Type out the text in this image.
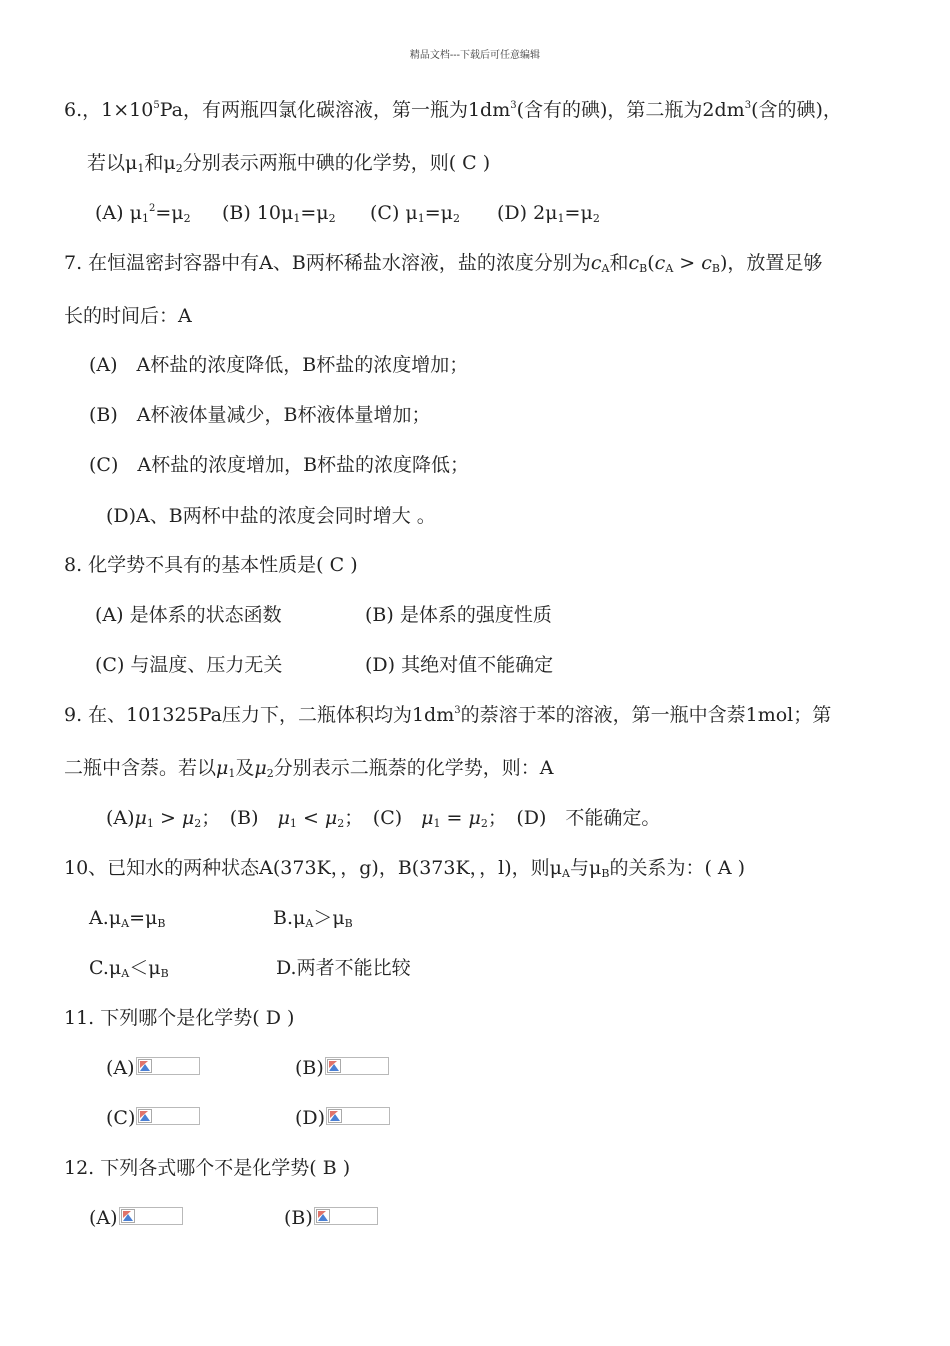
精品文档---下载后可任意编辑
6.，$1\times 10^5Pa$，有两瓶四氯化碳溶液，第一瓶为$1dm^3$(含有的碘)，第二瓶为$2dm^3$(含的碘)，
若以$\mu_1$和$\mu_2$分别表示两瓶中碘的化学势，则( C )
(A) $\mu_1^2=\mu_2$ (B) $10\mu_1=\mu_2$ (C) $\mu_1=\mu_2$ (D) $2\mu_1=\mu_2$
7. 在恒温密封容器中有A、B两杯稀盐水溶液，盐的浓度分别为$c_A$和$c_B(c_A > c_B)$，放置足够
长的时间后：A
(A)　A杯盐的浓度降低，B杯盐的浓度增加；
(B)　A杯液体量减少，B杯液体量增加；
(C)　A杯盐的浓度增加，B杯盐的浓度降低；
(D)A、B两杯中盐的浓度会同时增大 。
8. 化学势不具有的基本性质是( C )
(A) 是体系的状态函数	(B) 是体系的强度性质
(C) 与温度、压力无关	(D) 其绝对值不能确定
9. 在、101325Pa压力下，二瓶体积均为$1dm^3$的萘溶于苯的溶液，第一瓶中含萘1mol；第
二瓶中含萘。若以$\mu_1$及$\mu_2$分别表示二瓶萘的化学势，则：A
$(A)\mu_1 > \mu_2$；　(B)　$\mu_1 < \mu_2$；　(C)　$\mu_1 = \mu_2$；　(D)　不能确定。
10、已知水的两种状态A(373K，，g)，B(373K，，l)，则$\mu_A$与$\mu_B$的关系为：( A )
$A.\mu_A=\mu_B$	$B.\mu_A>\mu_B$
$C.\mu_A<\mu_B$	D.两者不能比较
11. 下列哪个是化学势( D )
(A)	(B)
(C)	(D)
12. 下列各式哪个不是化学势( B )
(A)	(B)
